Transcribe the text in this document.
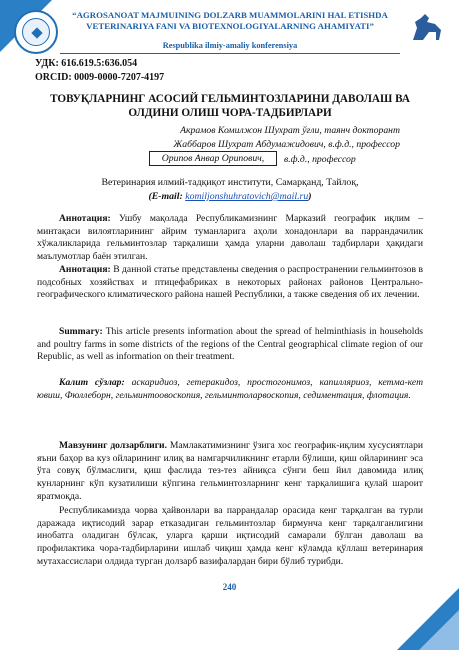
“AGROSANOAT MAJMUINING DOLZARB MUAMMOLARINI HAL ETISHDA VETERINARIYA FANI VA BIOTEXNOLOGIYALARNING AHAMIYATI”
Respublika ilmiy-amaliy konferensiya
УДК: 616.619.5:636.054
ORCID: 0009-0000-7207-4197
ТОВУҚЛАРНИНГ АСОСИЙ ГЕЛЬМИНТОЗЛАРИНИ ДАВОЛАШ ВА ОЛДИНИ ОЛИШ ЧОРА-ТАДБИРЛАРИ
Акрамов Комилжон Шухрат ўғли, таянч докторант
Жаббаров Шухрат Абдумажидович, в.ф.д., профессор
Орипов Анвар Орипович,	в.ф.д., профессор
Ветеринария илмий-тадқиқот институти, Самарқанд, Тайлоқ,
(E-mail: komiljonshuhratovich@mail.ru)

Аннотация: Ушбу мақолада Республикамизнинг Марказий географик иқлим – минтақаси вилоятларининг айрим туманларига аҳоли хонадонлари ва паррандачилик хўжаликларида гельминтозлар тарқалиши ҳамда уларни даволаш тадбирлари ҳақидаги маълумотлар баён этилган.

Аннотация: В данной статье представлены сведения о распространении гельминтозов в подсобных хозяйствах и птицефабриках в некоторых районах районов Центрально-географического климатического района нашей Республики, а также сведения об их лечении.

Summary: This article presents information about the spread of helminthiasis in households and poultry farms in some districts of the regions of the Central geographical climate region of our Republic, as well as information on their treatment.

Калит сўзлар: аскаридиоз, гетеракидоз, простогонимоз, капилляриоз, кетма-кет ювиш, Фюллеборн, гельминтоовоскопия, гельминтоларвоскопия, седиментация, флотация.

Мавзунинг долзарблиги. Мамлакатимизнинг ўзига хос географик-иқлим хусусиятлари яъни баҳор ва куз ойларининг илиқ ва намгарчиликнинг етарли бўлиши, қиш ойларининг эса ўта совуқ бўлмаслиги, қиш фаслида тез-тез айниқса сўнги беш йил давомида илиқ кунларнинг кўп кузатилиши кўпгина гельминтозларнинг кенг тарқалишига қулай шароит яратмоқда.

Республикамизда чорва ҳайвонлари ва паррандалар орасида кенг тарқалган ва турли даражада иқтисодий зарар етказадиган гельминтозлар бирмунча кенг тарқалганлигини инобатга оладиган бўлсак, уларга қарши иқтисодий самарали бўлган даволаш ва профилактика чора-тадбирларини ишлаб чиқиш ҳамда кенг кўламда қўллаш ветеринария мутахассислари олдида турган долзарб вазифалардан бири бўлиб турибди.

240
